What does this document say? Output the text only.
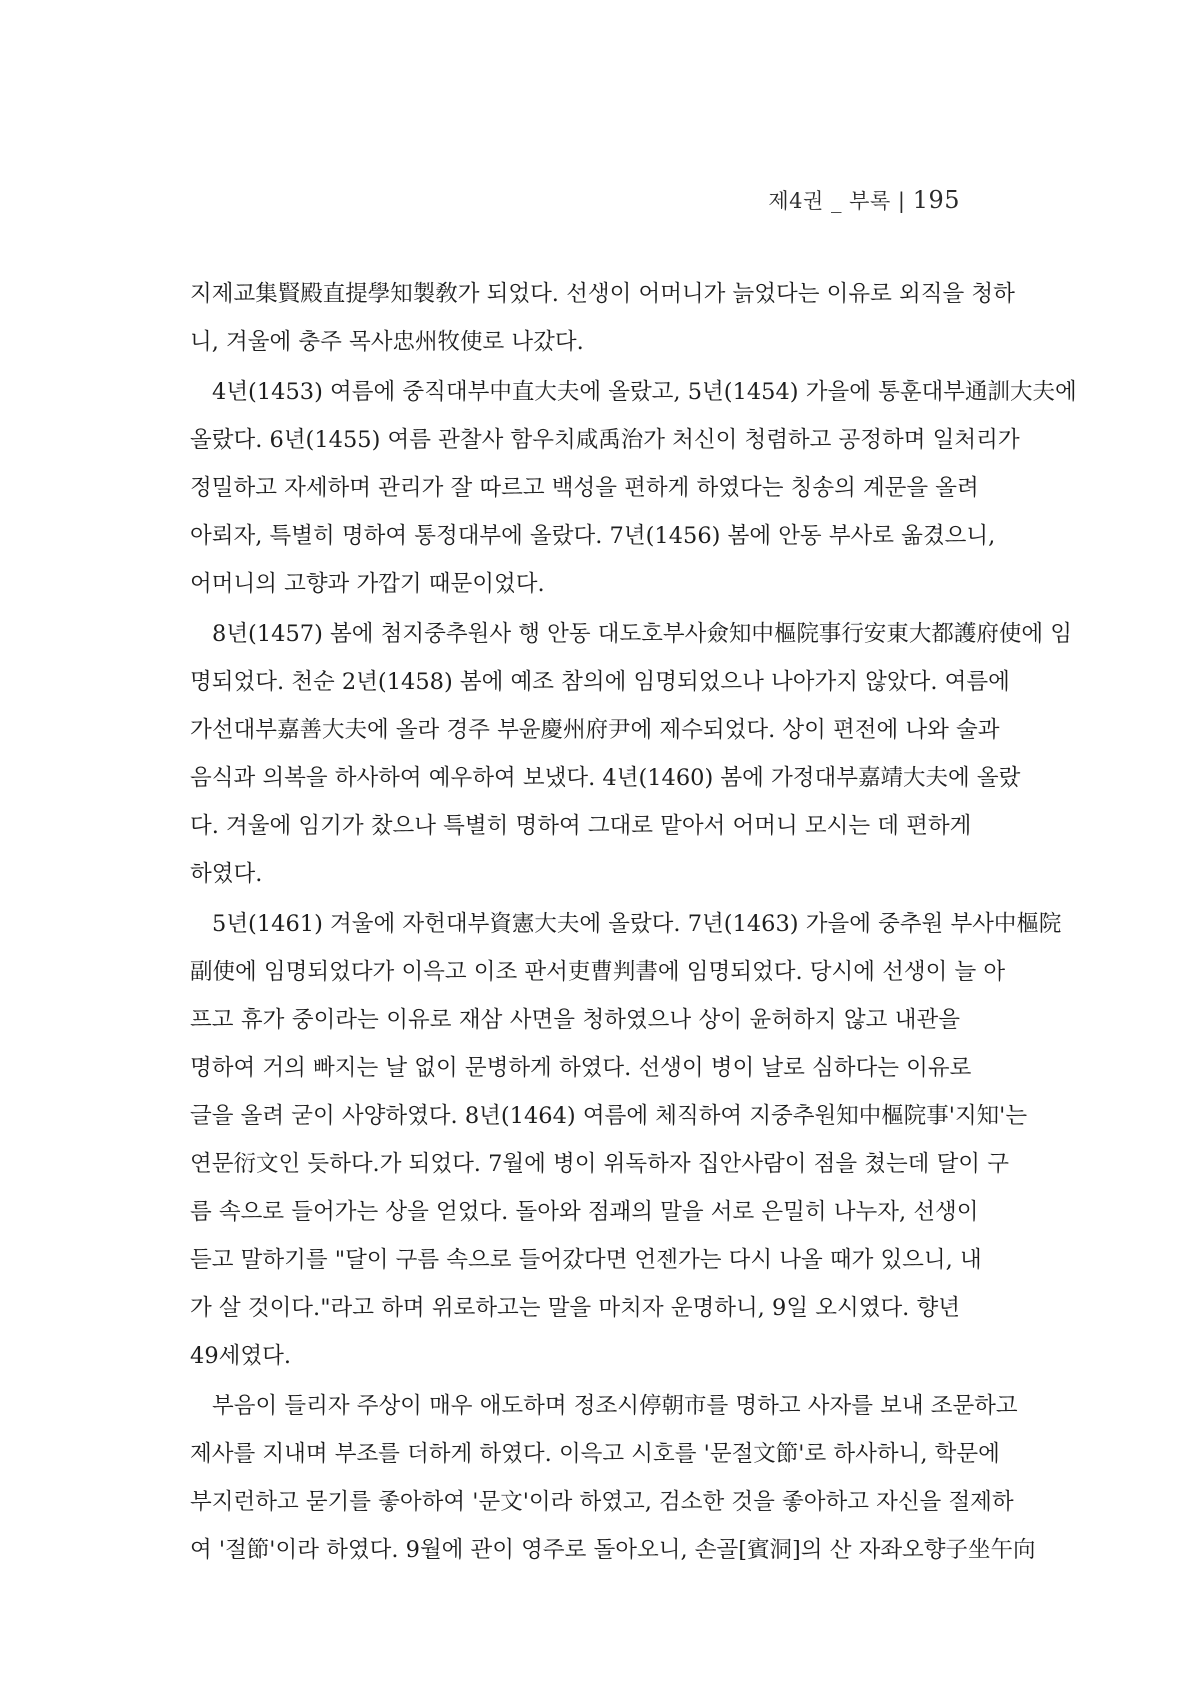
제4권 _ 부록 | 195
지제교集賢殿直提學知製敎가 되었다. 선생이 어머니가 늙었다는 이유로 외직을 청하
니, 겨울에 충주 목사忠州牧使로 나갔다.
4년(1453) 여름에 중직대부中直大夫에 올랐고, 5년(1454) 가을에 통훈대부通訓大夫에
올랐다. 6년(1455) 여름 관찰사 함우치咸禹治가 처신이 청렴하고 공정하며 일처리가
정밀하고 자세하며 관리가 잘 따르고 백성을 편하게 하였다는 칭송의 계문을 올려
아뢰자, 특별히 명하여 통정대부에 올랐다. 7년(1456) 봄에 안동 부사로 옮겼으니,
어머니의 고향과 가깝기 때문이었다.
8년(1457) 봄에 첨지중추원사 행 안동 대도호부사僉知中樞院事行安東大都護府使에 임
명되었다. 천순 2년(1458) 봄에 예조 참의에 임명되었으나 나아가지 않았다. 여름에
가선대부嘉善大夫에 올라 경주 부윤慶州府尹에 제수되었다. 상이 편전에 나와 술과
음식과 의복을 하사하여 예우하여 보냈다. 4년(1460) 봄에 가정대부嘉靖大夫에 올랐
다. 겨울에 임기가 찼으나 특별히 명하여 그대로 맡아서 어머니 모시는 데 편하게
하였다.
5년(1461) 겨울에 자헌대부資憲大夫에 올랐다. 7년(1463) 가을에 중추원 부사中樞院
副使에 임명되었다가 이윽고 이조 판서吏曹判書에 임명되었다. 당시에 선생이 늘 아
프고 휴가 중이라는 이유로 재삼 사면을 청하였으나 상이 윤허하지 않고 내관을
명하여 거의 빠지는 날 없이 문병하게 하였다. 선생이 병이 날로 심하다는 이유로
글을 올려 굳이 사양하였다. 8년(1464) 여름에 체직하여 지중추원知中樞院事'지知'는
연문衍文인 듯하다.가 되었다. 7월에 병이 위독하자 집안사람이 점을 쳤는데 달이 구
름 속으로 들어가는 상을 얻었다. 돌아와 점괘의 말을 서로 은밀히 나누자, 선생이
듣고 말하기를 "달이 구름 속으로 들어갔다면 언젠가는 다시 나올 때가 있으니, 내
가 살 것이다."라고 하며 위로하고는 말을 마치자 운명하니, 9일 오시였다. 향년
49세였다.
부음이 들리자 주상이 매우 애도하며 정조시停朝市를 명하고 사자를 보내 조문하고
제사를 지내며 부조를 더하게 하였다. 이윽고 시호를 '문절文節'로 하사하니, 학문에
부지런하고 묻기를 좋아하여 '문文'이라 하였고, 검소한 것을 좋아하고 자신을 절제하
여 '절節'이라 하였다. 9월에 관이 영주로 돌아오니, 손골[賓洞]의 산 자좌오향子坐午向
